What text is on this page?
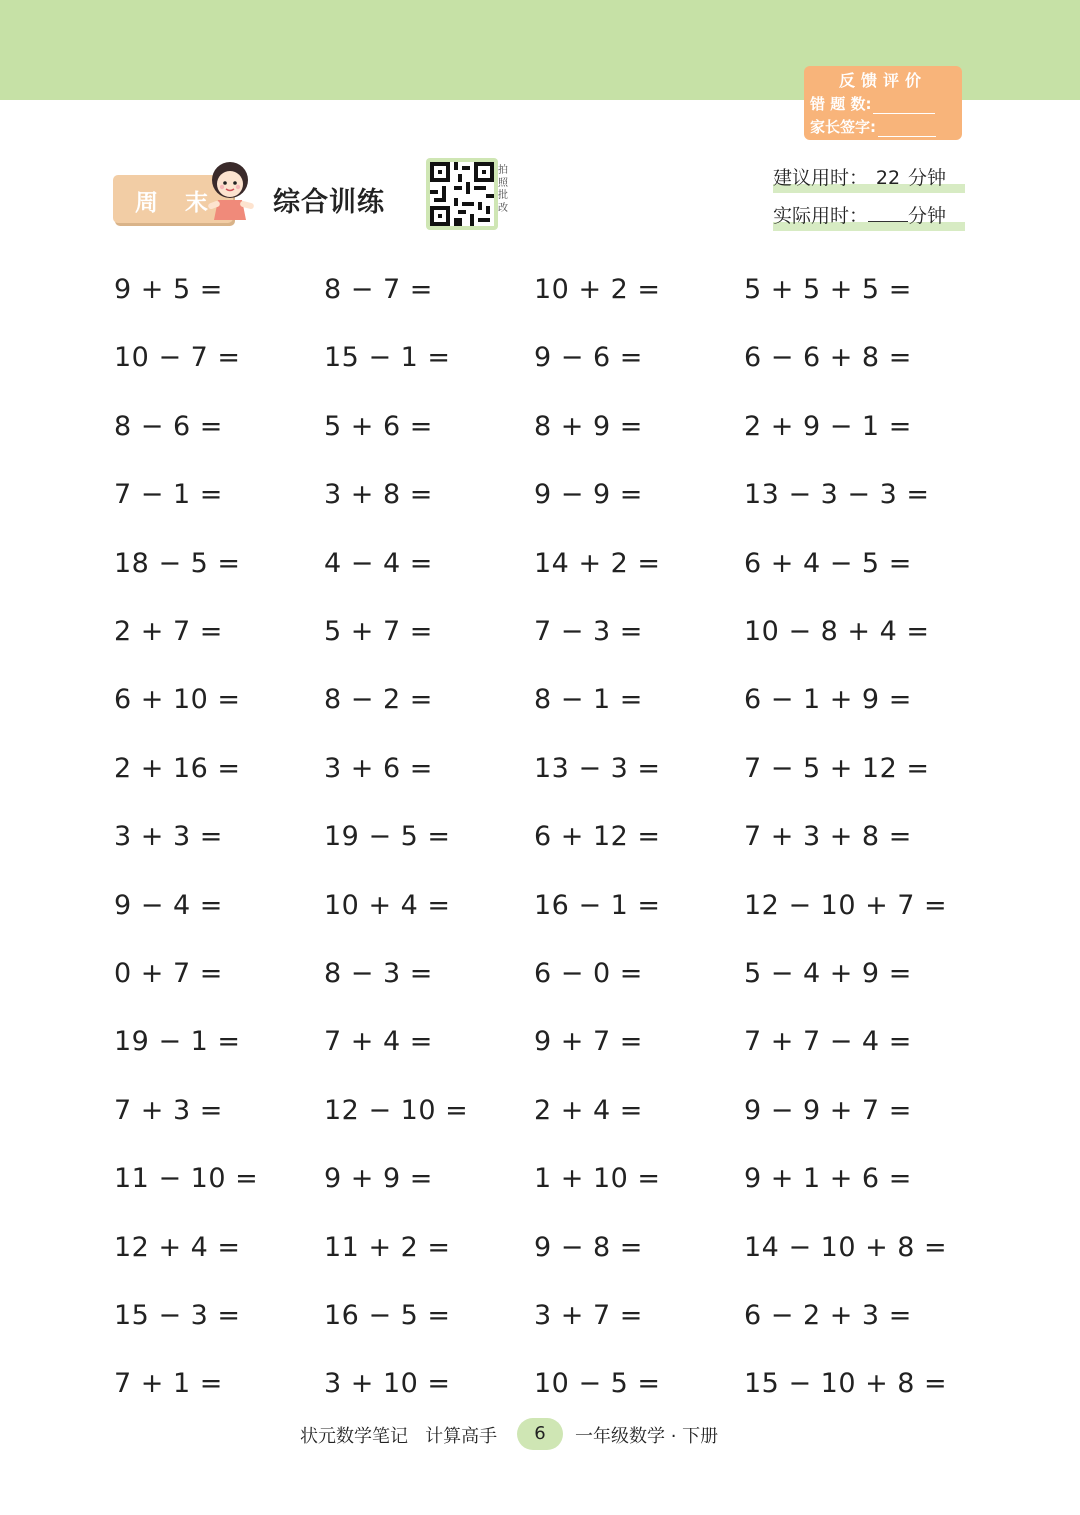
反馈评价
错 题 数:
家长签字:
周 末 综合训练
拍照批改
建议用时： 22 分钟
实际用时： 分钟
9 + 5 =
10 − 7 =
8 − 6 =
7 − 1 =
18 − 5 =
2 + 7 =
6 + 10 =
2 + 16 =
3 + 3 =
9 − 4 =
0 + 7 =
19 − 1 =
7 + 3 =
11 − 10 =
12 + 4 =
15 − 3 =
7 + 1 =
8 − 7 =
15 − 1 =
5 + 6 =
3 + 8 =
4 − 4 =
5 + 7 =
8 − 2 =
3 + 6 =
19 − 5 =
10 + 4 =
8 − 3 =
7 + 4 =
12 − 10 =
9 + 9 =
11 + 2 =
16 − 5 =
3 + 10 =
10 + 2 =
9 − 6 =
8 + 9 =
9 − 9 =
14 + 2 =
7 − 3 =
8 − 1 =
13 − 3 =
6 + 12 =
16 − 1 =
6 − 0 =
9 + 7 =
2 + 4 =
1 + 10 =
9 − 8 =
3 + 7 =
10 − 5 =
5 + 5 + 5 =
6 − 6 + 8 =
2 + 9 − 1 =
13 − 3 − 3 =
6 + 4 − 5 =
10 − 8 + 4 =
6 − 1 + 9 =
7 − 5 + 12 =
7 + 3 + 8 =
12 − 10 + 7 =
5 − 4 + 9 =
7 + 7 − 4 =
9 − 9 + 7 =
9 + 1 + 6 =
14 − 10 + 8 =
6 − 2 + 3 =
15 − 10 + 8 =
状元数学笔记   计算高手	6	一年级数学 · 下册
